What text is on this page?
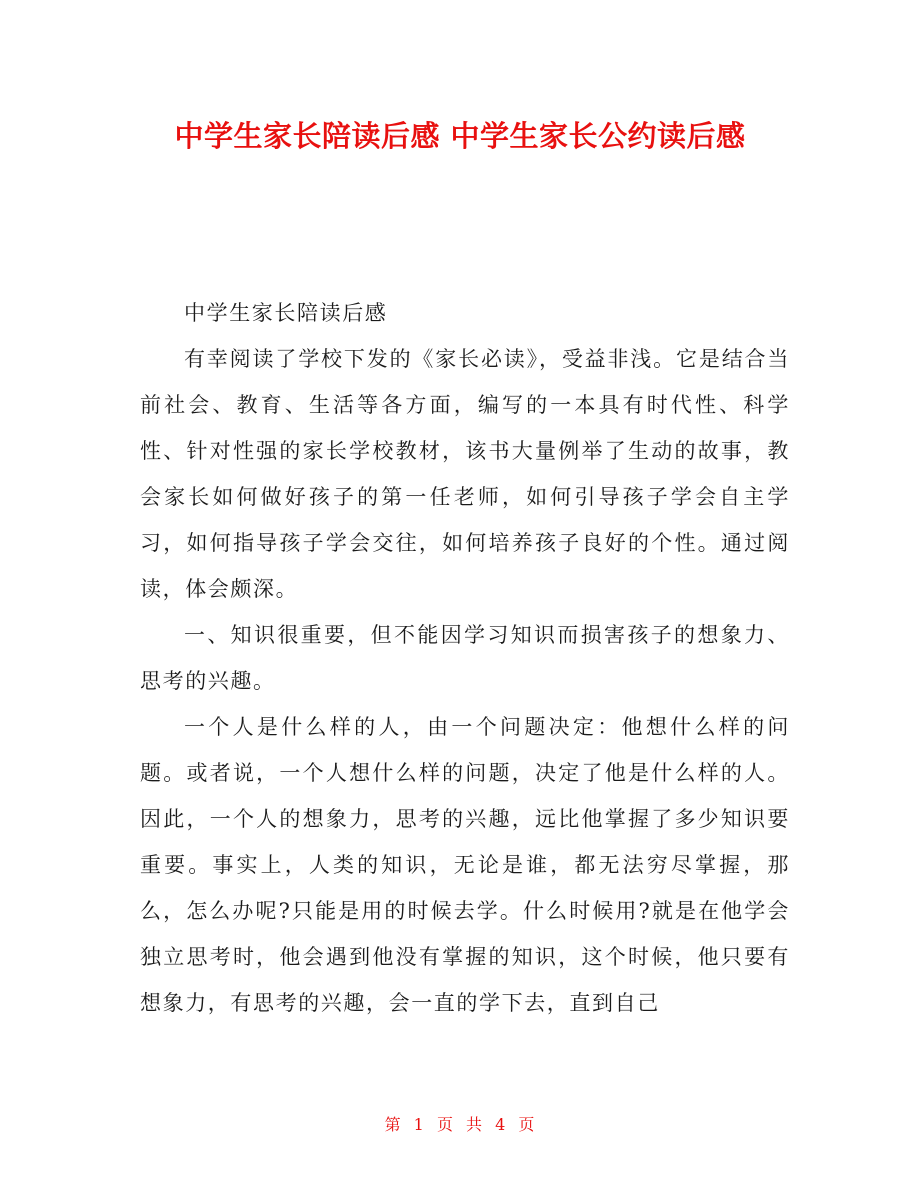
中学生家长陪读后感 中学生家长公约读后感

中学生家长陪读后感

有幸阅读了学校下发的《家长必读》，受益非浅。它是结合当前社会、教育、生活等各方面，编写的一本具有时代性、科学性、针对性强的家长学校教材，该书大量例举了生动的故事，教会家长如何做好孩子的第一任老师，如何引导孩子学会自主学习，如何指导孩子学会交往，如何培养孩子良好的个性。通过阅读，体会颇深。

一、知识很重要，但不能因学习知识而损害孩子的想象力、思考的兴趣。

一个人是什么样的人，由一个问题决定：他想什么样的问题。或者说，一个人想什么样的问题，决定了他是什么样的人。因此，一个人的想象力，思考的兴趣，远比他掌握了多少知识要重要。事实上，人类的知识，无论是谁，都无法穷尽掌握，那么，怎么办呢?只能是用的时候去学。什么时候用?就是在他学会独立思考时，他会遇到他没有掌握的知识，这个时候，他只要有想象力，有思考的兴趣，会一直的学下去，直到自己

第 1 页 共 4 页
